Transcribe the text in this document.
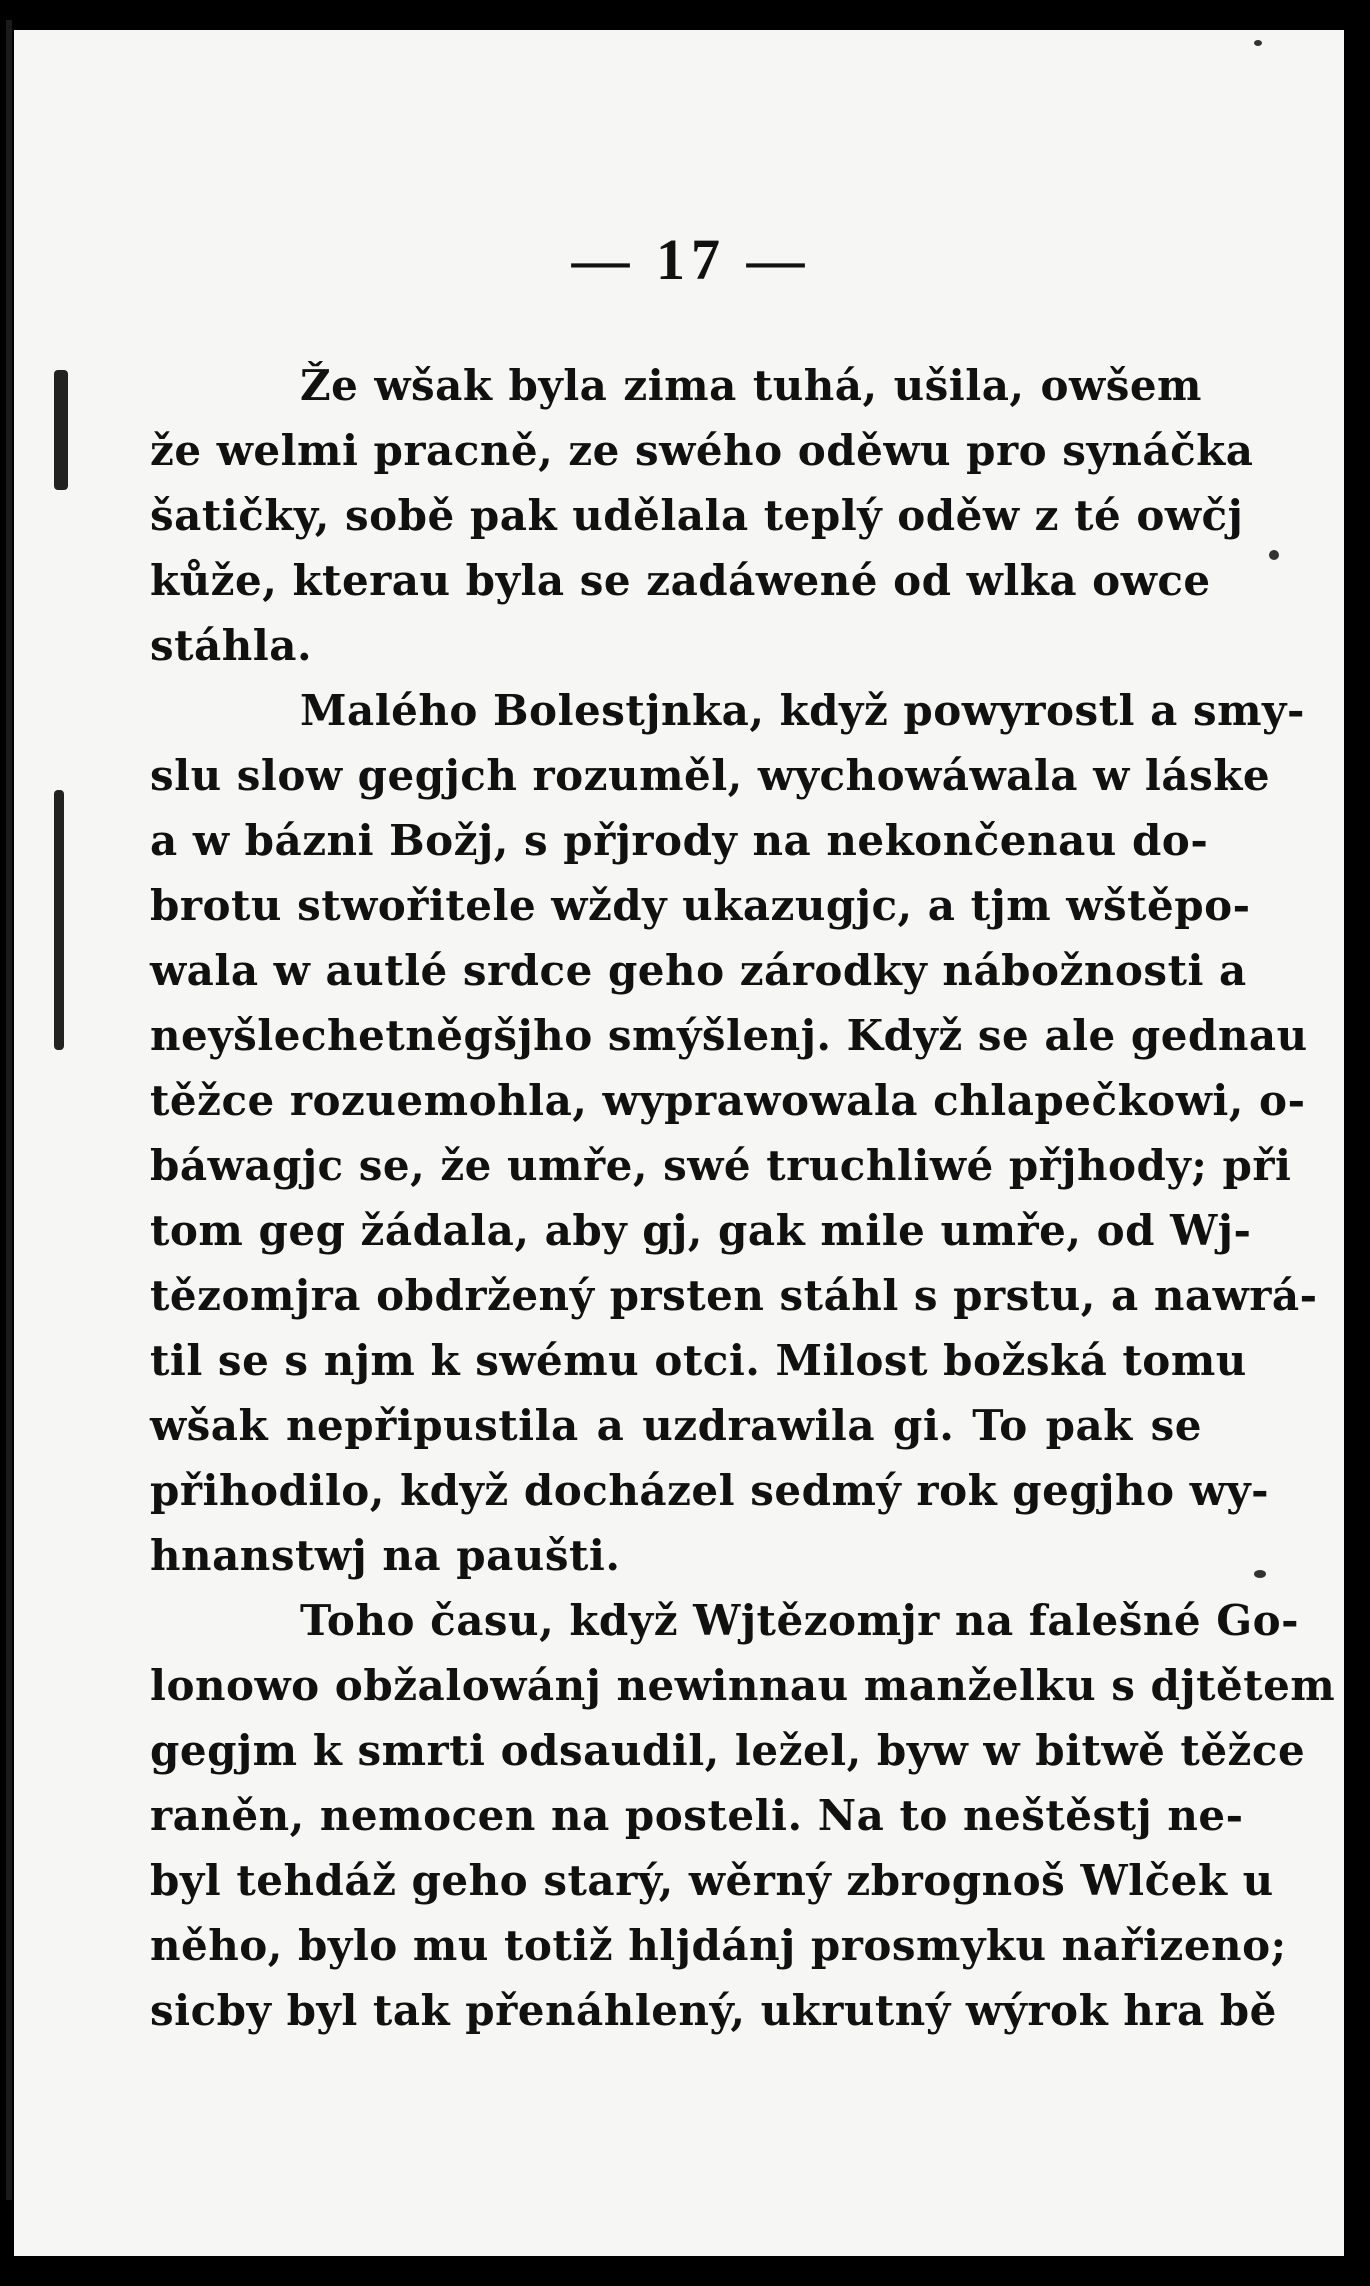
— 17 —
Že wšak byla zima tuhá, ušila, owšem
že welmi pracně, ze swého oděwu pro synáčka
šatičky, sobě pak udělala teplý oděw z té owčj
kůže, kterau byla se zadáwené od wlka owce
stáhla.
Malého Bolestjnka, když powyrostl a smy-
slu slow gegjch rozuměl, wychowáwala w láske
a w bázni Božj, s přjrody na nekončenau do-
brotu stwořitele wždy ukazugjc, a tjm wštěpo-
wala w autlé srdce geho zárodky nábožnosti a
neyšlechetněgšjho smýšlenj. Když se ale gednau
těžce rozuemohla, wyprawowala chlapečkowi, o-
báwagjc se, že umře, swé truchliwé přjhody; při
tom geg žádala, aby gj, gak mile umře, od Wj-
tězomjra obdržený prsten stáhl s prstu, a nawrá-
til se s njm k swému otci. Milost božská tomu
wšak nepřipustila a uzdrawila gi. To pak se
přihodilo, když docházel sedmý rok gegjho wy-
hnanstwj na paušti.
Toho času, když Wjtězomjr na falešné Go-
lonowo obžalowánj newinnau manželku s djtětem
gegjm k smrti odsaudil, ležel, byw w bitwě těžce
raněn, nemocen na posteli. Na to neštěstj ne-
byl tehdáž geho starý, wěrný zbrognoš Wlček u
něho, bylo mu totiž hljdánj prosmyku nařizeno;
sicby byl tak přenáhlený, ukrutný wýrok hra bě
